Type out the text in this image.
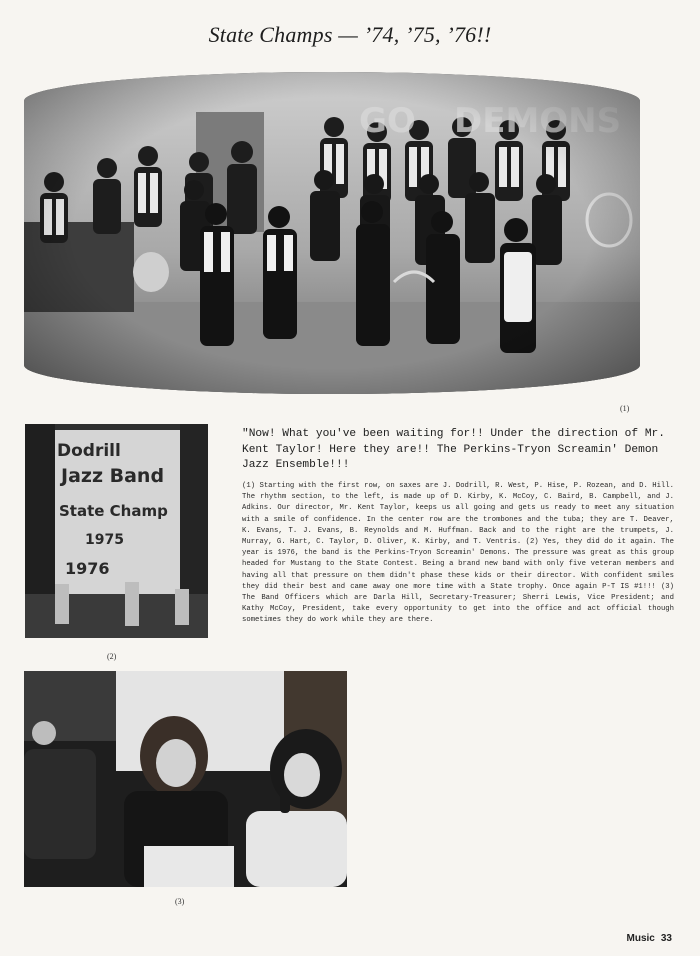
State Champs — ’74, ’75, ’76!!
(1)
Dodrill
Jazz Band
State Champ
1975
1976
(2)
"Now! What you've been waiting for!! Under the direction of Mr. Kent Taylor! Here they are!! The Perkins-Tryon Screamin' Demon Jazz Ensemble!!!
(1) Starting with the first row, on saxes are J. Dodrill, R. West, P. Hise, P. Rozean, and D. Hill. The rhythm section, to the left, is made up of D. Kirby, K. McCoy, C. Baird, B. Campbell, and J. Adkins. Our director, Mr. Kent Taylor, keeps us all going and gets us ready to meet any situation with a smile of confidence. In the center row are the trombones and the tuba; they are T. Deaver, K. Evans, T. J. Evans, B. Reynolds and M. Huffman. Back and to the right are the trumpets, J. Murray, G. Hart, C. Taylor, D. Oliver, K. Kirby, and T. Ventris. (2) Yes, they did do it again. The year is 1976, the band is the Perkins-Tryon Screamin' Demons. The pressure was great as this group headed for Mustang to the State Contest. Being a brand new band with only five veteran members and having all that pressure on them didn't phase these kids or their director. With confident smiles they did their best and came away one more time with a State trophy. Once again P-T IS #1!!! (3) The Band Officers which are Darla Hill, Secretary-Treasurer; Sherri Lewis, Vice President; and Kathy McCoy, President, take every opportunity to get into the office and act official though sometimes they do work while they are there.
(3)
Music 33
